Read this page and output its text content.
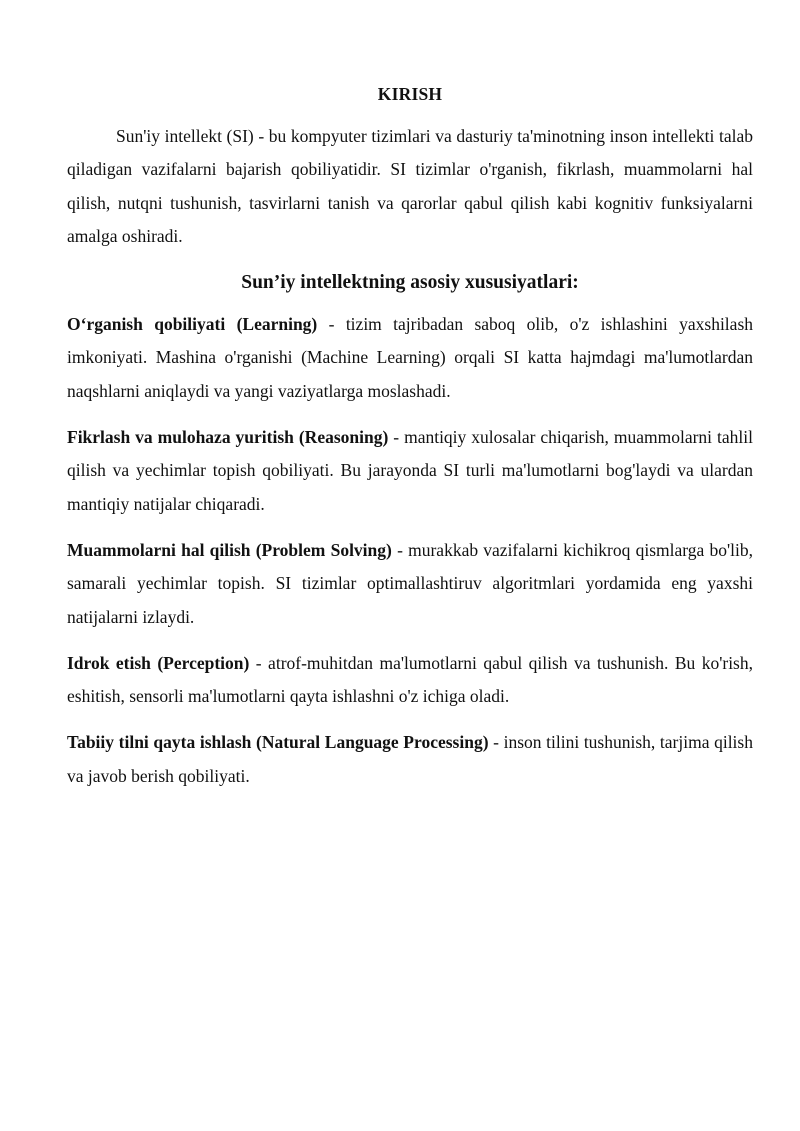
KIRISH

Sun'iy intellekt (SI) - bu kompyuter tizimlari va dasturiy ta'minotning inson intellekti talab qiladigan vazifalarni bajarish qobiliyatidir. SI tizimlar o'rganish, fikrlash, muammolarni hal qilish, nutqni tushunish, tasvirlarni tanish va qarorlar qabul qilish kabi kognitiv funksiyalarni amalga oshiradi.

Sun’iy intellektning asosiy xususiyatlari:

O‘rganish qobiliyati (Learning) - tizim tajribadan saboq olib, o'z ishlashini yaxshilash imkoniyati. Mashina o'rganishi (Machine Learning) orqali SI katta hajmdagi ma'lumotlardan naqshlarni aniqlaydi va yangi vaziyatlarga moslashadi.

Fikrlash va mulohaza yuritish (Reasoning) - mantiqiy xulosalar chiqarish, muammolarni tahlil qilish va yechimlar topish qobiliyati. Bu jarayonda SI turli ma'lumotlarni bog'laydi va ulardan mantiqiy natijalar chiqaradi.

Muammolarni hal qilish (Problem Solving) - murakkab vazifalarni kichikroq qismlarga bo'lib, samarali yechimlar topish. SI tizimlar optimallashtiruv algoritmlari yordamida eng yaxshi natijalarni izlaydi.

Idrok etish (Perception) - atrof-muhitdan ma'lumotlarni qabul qilish va tushunish. Bu ko'rish, eshitish, sensorli ma'lumotlarni qayta ishlashni o'z ichiga oladi.

Tabiiy tilni qayta ishlash (Natural Language Processing) - inson tilini tushunish, tarjima qilish va javob berish qobiliyati.
